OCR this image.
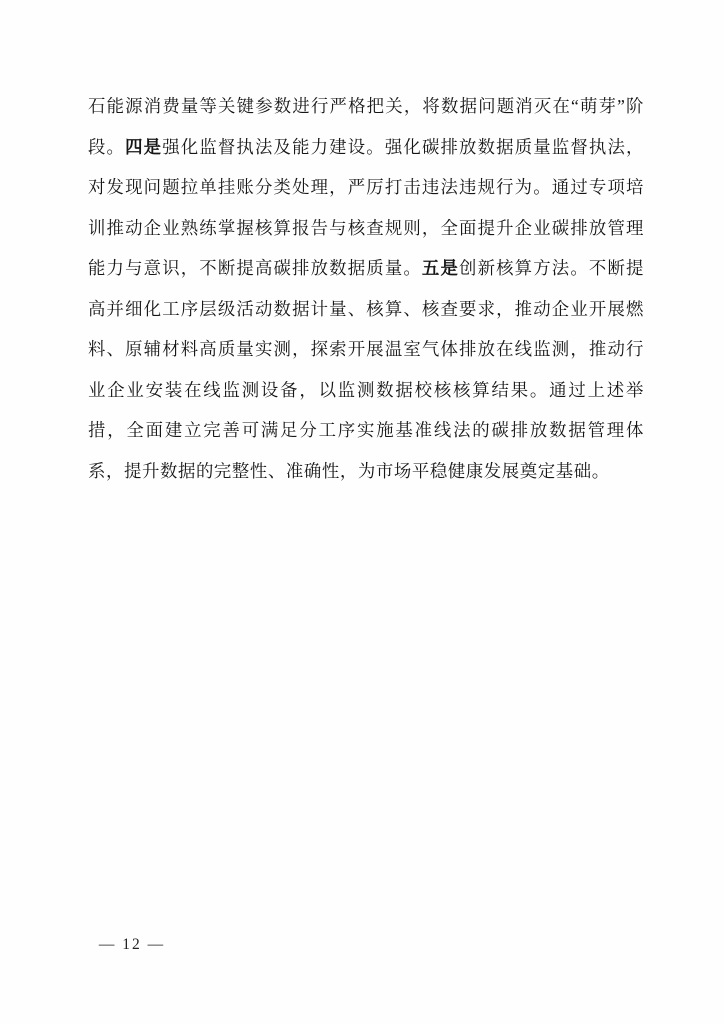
石能源消费量等关键参数进行严格把关，将数据问题消灭在“萌芽”阶段。四是强化监督执法及能力建设。强化碳排放数据质量监督执法，对发现问题拉单挂账分类处理，严厉打击违法违规行为。通过专项培训推动企业熟练掌握核算报告与核查规则，全面提升企业碳排放管理能力与意识，不断提高碳排放数据质量。五是创新核算方法。不断提高并细化工序层级活动数据计量、核算、核查要求，推动企业开展燃料、原辅材料高质量实测，探索开展温室气体排放在线监测，推动行业企业安装在线监测设备，以监测数据校核核算结果。通过上述举措，全面建立完善可满足分工序实施基准线法的碳排放数据管理体系，提升数据的完整性、准确性，为市场平稳健康发展奠定基础。

— 12 —
